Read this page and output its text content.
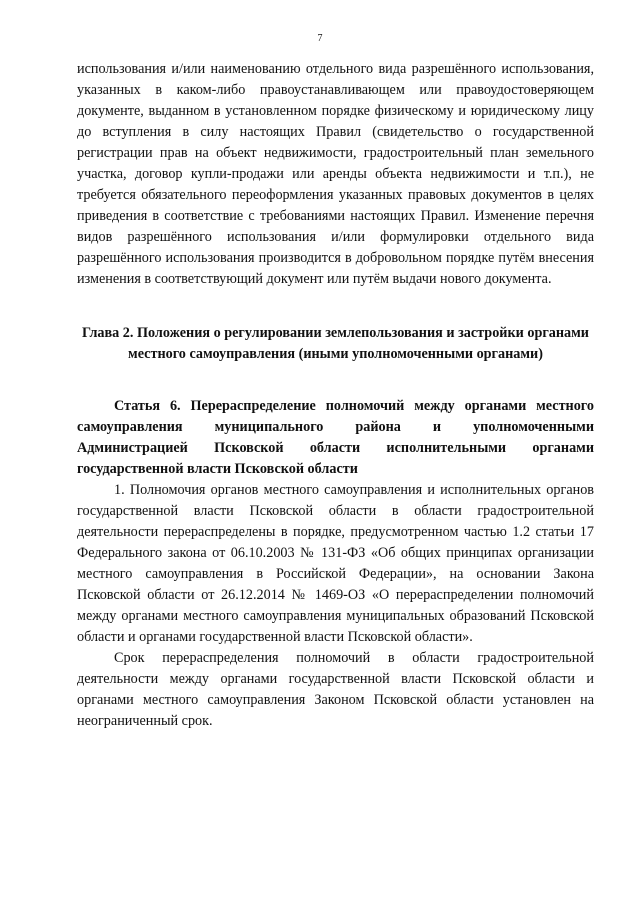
7

использования и/или наименованию отдельного вида разрешённого использования, указанных в каком-либо правоустанавливающем или правоудостоверяющем документе, выданном в установленном порядке физическому и юридическому лицу до вступления в силу настоящих Правил (свидетельство о государственной регистрации прав на объект недвижимости, градостроительный план земельного участка, договор купли-продажи или аренды объекта недвижимости и т.п.), не требуется обязательного переоформления указанных правовых документов в целях приведения в соответствие с требованиями настоящих Правил. Изменение перечня видов разрешённого использования и/или формулировки отдельного вида разрешённого использования производится в добровольном порядке путём внесения изменения в соответствующий документ или путём выдачи нового документа.

Глава 2. Положения о регулировании землепользования и застройки органами местного самоуправления (иными уполномоченными органами)
Статья 6. Перераспределение полномочий между органами местного самоуправления муниципального района и уполномоченными Администрацией Псковской области исполнительными органами государственной власти Псковской области

1. Полномочия органов местного самоуправления и исполнительных органов государственной власти Псковской области в области градостроительной деятельности перераспределены в порядке, предусмотренном частью 1.2 статьи 17 Федерального закона от 06.10.2003 № 131-ФЗ «Об общих принципах организации местного самоуправления в Российской Федерации», на основании Закона Псковской области от 26.12.2014 № 1469-ОЗ «О перераспределении полномочий между органами местного самоуправления муниципальных образований Псковской области и органами государственной власти Псковской области».

Срок перераспределения полномочий в области градостроительной деятельности между органами государственной власти Псковской области и органами местного самоуправления Законом Псковской области установлен на неограниченный срок.
